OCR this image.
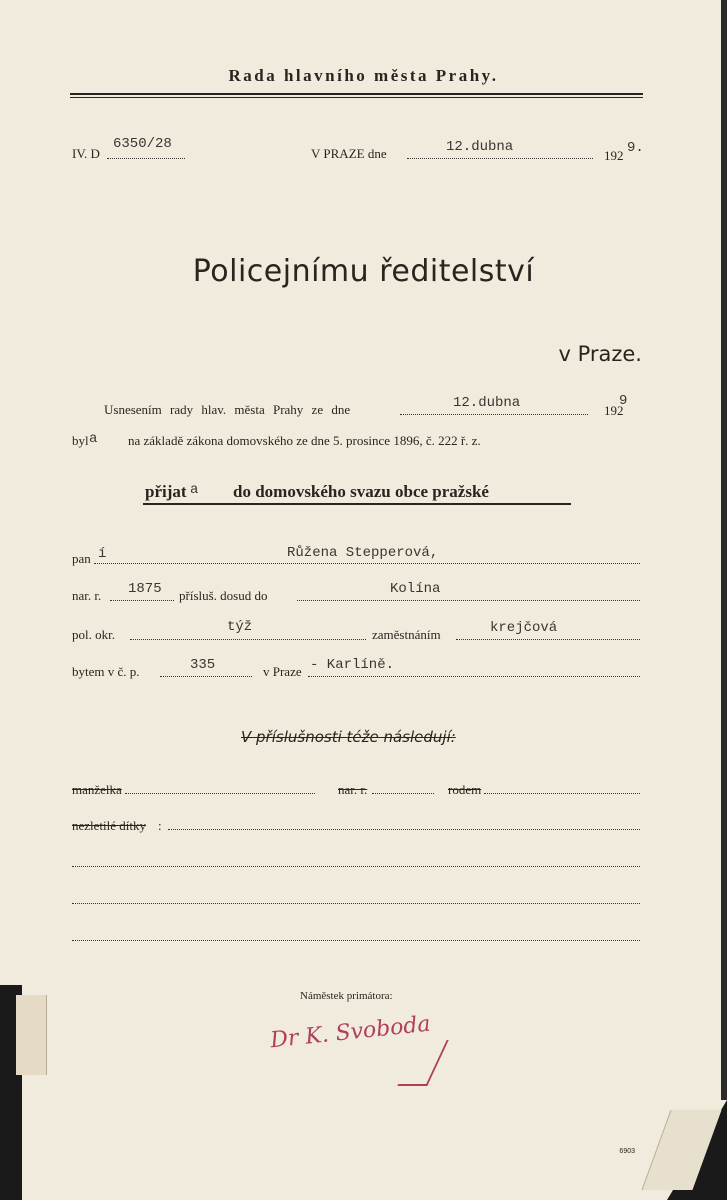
Rada hlavního města Prahy.
IV. D
6350/28
V PRAZE dne	12.dubna
192 9.
Policejnímu ředitelství
v Praze.
Usnesením rady hlav. města Prahy ze dne	12.dubna	192
9
byl a na základě zákona domovského ze dne 5. prosince 1896, č. 222 ř. z.
přijat a do domovského svazu obce pražské
pan í	Růžena Stepperová,
nar. r. 1875 přísluš. dosud do	Kolína
pol. okr.	týž	zaměstnáním	krejčová
bytem v č. p.	335	v Praze - Karlíně.
V příslušnosti téže následují:
manželka	nar. r.	rodem
nezletilé dítky :
Náměstek primátora:
Dr K. Svoboda
6903
